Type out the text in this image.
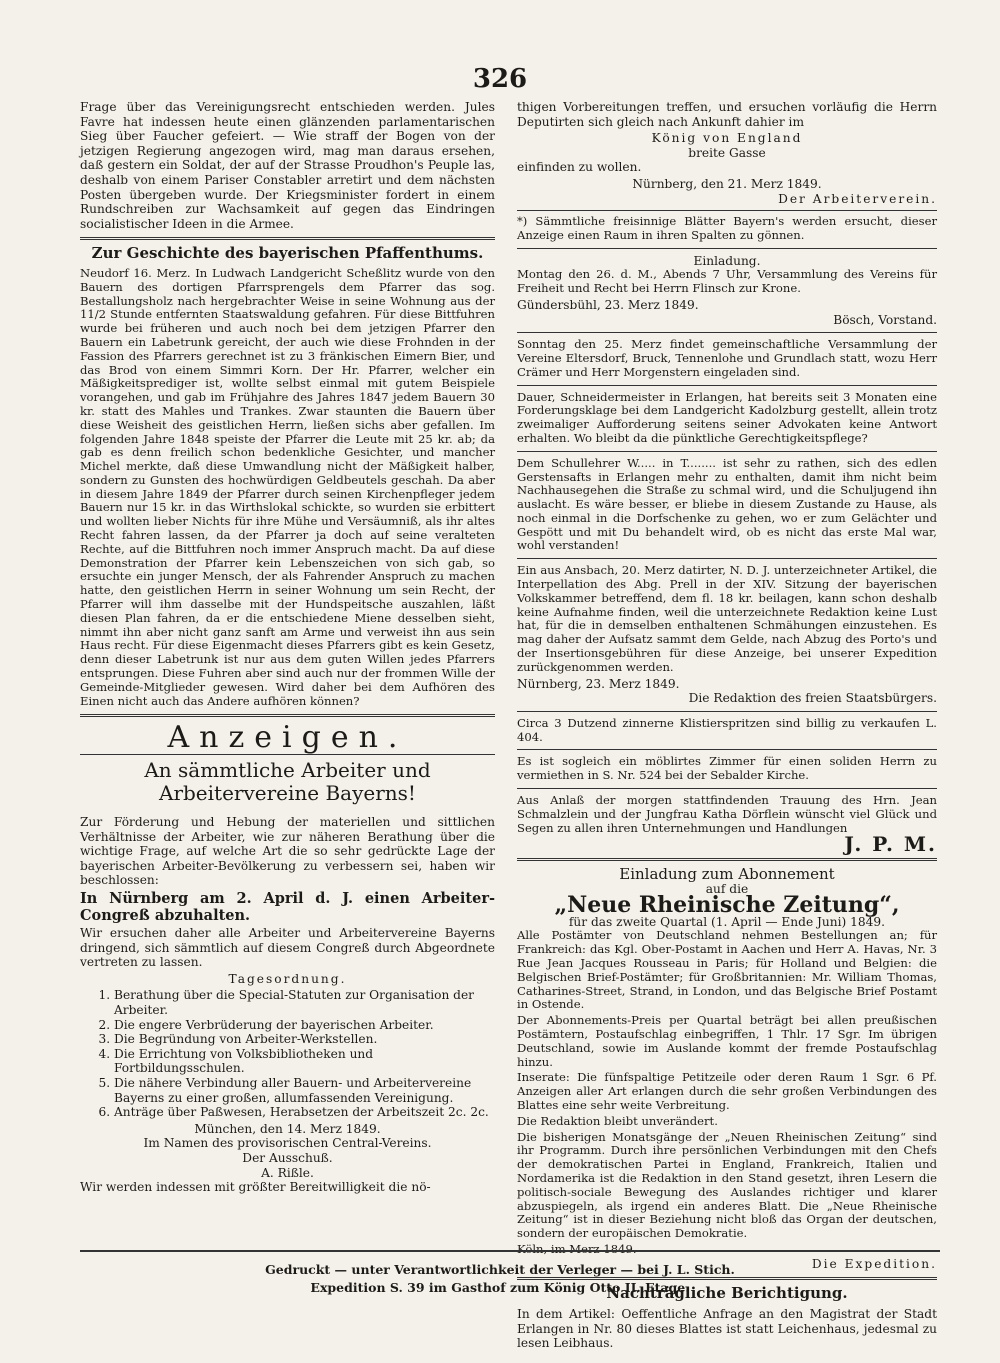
326

Frage über das Vereinigungsrecht entschieden werden. Jules Favre hat indessen heute einen glänzenden parlamentarischen Sieg über Faucher gefeiert. — Wie straff der Bogen von der jetzigen Regierung angezogen wird, mag man daraus ersehen, daß gestern ein Soldat, der auf der Strasse Proudhon's Peuple las, deshalb von einem Pariser Constabler arretirt und dem nächsten Posten übergeben wurde. Der Kriegsminister fordert in einem Rundschreiben zur Wachsamkeit auf gegen das Eindringen socialistischer Ideen in die Armee.

Zur Geschichte des bayerischen Pfaffenthums.

Neudorf 16. Merz. In Ludwach Landgericht Scheßlitz wurde von den Bauern des dortigen Pfarrsprengels dem Pfarrer das sog. Bestallungsholz nach hergebrachter Weise in seine Wohnung aus der 11/2 Stunde entfernten Staatswaldung gefahren. Für diese Bittfuhren wurde bei früheren und auch noch bei dem jetzigen Pfarrer den Bauern ein Labetrunk gereicht, der auch wie diese Frohnden in der Fassion des Pfarrers gerechnet ist zu 3 fränkischen Eimern Bier, und das Brod von einem Simmri Korn. Der Hr. Pfarrer, welcher ein Mäßigkeitsprediger ist, wollte selbst einmal mit gutem Beispiele vorangehen, und gab im Frühjahre des Jahres 1847 jedem Bauern 30 kr. statt des Mahles und Trankes. Zwar staunten die Bauern über diese Weisheit des geistlichen Herrn, ließen sichs aber gefallen. Im folgenden Jahre 1848 speiste der Pfarrer die Leute mit 25 kr. ab; da gab es denn freilich schon bedenkliche Gesichter, und mancher Michel merkte, daß diese Umwandlung nicht der Mäßigkeit halber, sondern zu Gunsten des hochwürdigen Geldbeutels geschah. Da aber in diesem Jahre 1849 der Pfarrer durch seinen Kirchenpfleger jedem Bauern nur 15 kr. in das Wirthslokal schickte, so wurden sie erbittert und wollten lieber Nichts für ihre Mühe und Versäumniß, als ihr altes Recht fahren lassen, da der Pfarrer ja doch auf seine veralteten Rechte, auf die Bittfuhren noch immer Anspruch macht. Da auf diese Demonstration der Pfarrer kein Lebenszeichen von sich gab, so ersuchte ein junger Mensch, der als Fahrender Anspruch zu machen hatte, den geistlichen Herrn in seiner Wohnung um sein Recht, der Pfarrer will ihm dasselbe mit der Hundspeitsche auszahlen, läßt diesen Plan fahren, da er die entschiedene Miene desselben sieht, nimmt ihn aber nicht ganz sanft am Arme und verweist ihn aus sein Haus recht. Für diese Eigenmacht dieses Pfarrers gibt es kein Gesetz, denn dieser Labetrunk ist nur aus dem guten Willen jedes Pfarrers entsprungen. Diese Fuhren aber sind auch nur der frommen Wille der Gemeinde-Mitglieder gewesen. Wird daher bei dem Aufhören des Einen nicht auch das Andere aufhören können?

Anzeigen.
An sämmtliche Arbeiter und Arbeitervereine Bayerns!

Zur Förderung und Hebung der materiellen und sittlichen Verhältnisse der Arbeiter, wie zur näheren Berathung über die wichtige Frage, auf welche Art die so sehr gedrückte Lage der bayerischen Arbeiter-Bevölkerung zu verbessern sei, haben wir beschlossen:

In Nürnberg am 2. April d. J. einen Arbeiter-Congreß abzuhalten.

Wir ersuchen daher alle Arbeiter und Arbeitervereine Bayerns dringend, sich sämmtlich auf diesem Congreß durch Abgeordnete vertreten zu lassen.

Tagesordnung.
1. Berathung über die Special-Statuten zur Organisation der Arbeiter.
2. Die engere Verbrüderung der bayerischen Arbeiter.
3. Die Begründung von Arbeiter-Werkstellen.
4. Die Errichtung von Volksbibliotheken und Fortbildungsschulen.
5. Die nähere Verbindung aller Bauern- und Arbeitervereine Bayerns zu einer großen, allumfassenden Vereinigung.
6. Anträge über Paßwesen, Herabsetzen der Arbeitszeit 2c. 2c.
München, den 14. Merz 1849.
Im Namen des provisorischen Central-Vereins.
Der Ausschuß.
A. Rißle.

Wir werden indessen mit größter Bereitwilligkeit die nö-

thigen Vorbereitungen treffen, und ersuchen vorläufig die Herrn Deputirten sich gleich nach Ankunft dahier im

König von England
breite Gasse

einfinden zu wollen.

Nürnberg, den 21. Merz 1849.
Der Arbeiterverein.

*) Sämmtliche freisinnige Blätter Bayern's werden ersucht, dieser Anzeige einen Raum in ihren Spalten zu gönnen.

Einladung.

Montag den 26. d. M., Abends 7 Uhr, Versammlung des Vereins für Freiheit und Recht bei Herrn Flinsch zur Krone.

Gündersbühl, 23. Merz 1849.
Bösch, Vorstand.

Sonntag den 25. Merz findet gemeinschaftliche Versammlung der Vereine Eltersdorf, Bruck, Tennenlohe und Grundlach statt, wozu Herr Crämer und Herr Morgenstern eingeladen sind.

Dauer, Schneidermeister in Erlangen, hat bereits seit 3 Monaten eine Forderungsklage bei dem Landgericht Kadolzburg gestellt, allein trotz zweimaliger Aufforderung seitens seiner Advokaten keine Antwort erhalten. Wo bleibt da die pünktliche Gerechtigkeitspflege?

Dem Schullehrer W..... in T........ ist sehr zu rathen, sich des edlen Gerstensafts in Erlangen mehr zu enthalten, damit ihm nicht beim Nachhausegehen die Straße zu schmal wird, und die Schuljugend ihn auslacht. Es wäre besser, er bliebe in diesem Zustande zu Hause, als noch einmal in die Dorfschenke zu gehen, wo er zum Gelächter und Gespött und mit Du behandelt wird, ob es nicht das erste Mal war, wohl verstanden!

Ein aus Ansbach, 20. Merz datirter, N. D. J. unterzeichneter Artikel, die Interpellation des Abg. Prell in der XIV. Sitzung der bayerischen Volkskammer betreffend, dem fl. 18 kr. beilagen, kann schon deshalb keine Aufnahme finden, weil die unterzeichnete Redaktion keine Lust hat, für die in demselben enthaltenen Schmähungen einzustehen. Es mag daher der Aufsatz sammt dem Gelde, nach Abzug des Porto's und der Insertionsgebühren für diese Anzeige, bei unserer Expedition zurückgenommen werden.

Nürnberg, 23. Merz 1849.
Die Redaktion des freien Staatsbürgers.

Circa 3 Dutzend zinnerne Klistierspritzen sind billig zu verkaufen L. 404.

Es ist sogleich ein möblirtes Zimmer für einen soliden Herrn zu vermiethen in S. Nr. 524 bei der Sebalder Kirche.

Aus Anlaß der morgen stattfindenden Trauung des Hrn. Jean Schmalzlein und der Jungfrau Katha Dörflein wünscht viel Glück und Segen zu allen ihren Unternehmungen und Handlungen

J. P. M.
Einladung zum Abonnement
auf die
„Neue Rheinische Zeitung“,
für das zweite Quartal (1. April — Ende Juni) 1849.

Alle Postämter von Deutschland nehmen Bestellungen an; für Frankreich: das Kgl. Ober-Postamt in Aachen und Herr A. Havas, Nr. 3 Rue Jean Jacques Rousseau in Paris; für Holland und Belgien: die Belgischen Brief-Postämter; für Großbritannien: Mr. William Thomas, Catharines-Street, Strand, in London, und das Belgische Brief Postamt in Ostende.

Der Abonnements-Preis per Quartal beträgt bei allen preußischen Postämtern, Postaufschlag einbegriffen, 1 Thlr. 17 Sgr. Im übrigen Deutschland, sowie im Auslande kommt der fremde Postaufschlag hinzu.

Inserate: Die fünfspaltige Petitzeile oder deren Raum 1 Sgr. 6 Pf. Anzeigen aller Art erlangen durch die sehr großen Verbindungen des Blattes eine sehr weite Verbreitung.

Die Redaktion bleibt unverändert.

Die bisherigen Monatsgänge der „Neuen Rheinischen Zeitung“ sind ihr Programm. Durch ihre persönlichen Verbindungen mit den Chefs der demokratischen Partei in England, Frankreich, Italien und Nordamerika ist die Redaktion in den Stand gesetzt, ihren Lesern die politisch-sociale Bewegung des Auslandes richtiger und klarer abzuspiegeln, als irgend ein anderes Blatt. Die „Neue Rheinische Zeitung“ ist in dieser Beziehung nicht bloß das Organ der deutschen, sondern der europäischen Demokratie.

Köln, im Merz 1849.
Die Expedition.
Nachträgliche Berichtigung.

In dem Artikel: Oeffentliche Anfrage an den Magistrat der Stadt Erlangen in Nr. 80 dieses Blattes ist statt Leichenhaus, jedesmal zu lesen Leibhaus.

Gedruckt — unter Verantwortlichkeit der Verleger — bei J. L. Stich.
Expedition S. 39 im Gasthof zum König Otto II. Etage.
